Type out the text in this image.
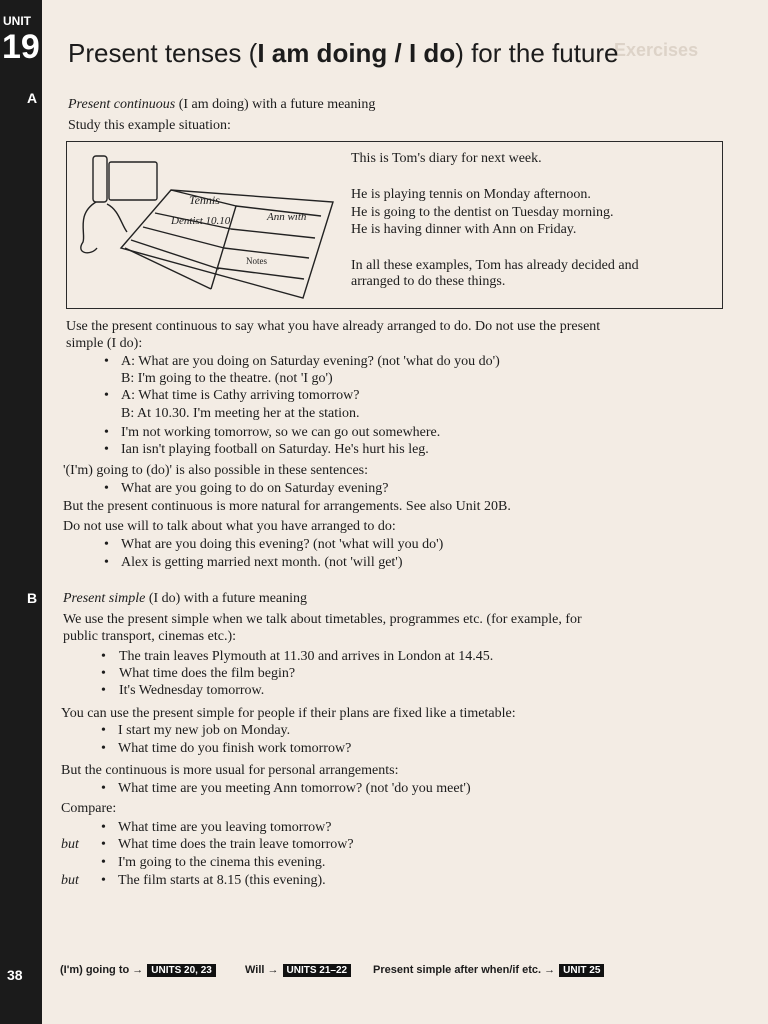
UNIT
19
A
B
38
Exercises
Present tenses (I am doing / I do) for the future
Present continuous (I am doing) with a future meaning
Study this example situation:
Tennis
Dentist 10.10	Ann with
Notes
This is Tom's diary for next week.
He is playing tennis on Monday afternoon.
He is going to the dentist on Tuesday morning.
He is having dinner with Ann on Friday.
In all these examples, Tom has already decided and
arranged to do these things.
Use the present continuous to say what you have already arranged to do. Do not use the present
simple (I do):
• A: What are you doing on Saturday evening? (not 'what do you do')
B: I'm going to the theatre. (not 'I go')
• A: What time is Cathy arriving tomorrow?
B: At 10.30. I'm meeting her at the station.
• I'm not working tomorrow, so we can go out somewhere.
• Ian isn't playing football on Saturday. He's hurt his leg.
'(I'm) going to (do)' is also possible in these sentences:
• What are you going to do on Saturday evening?
But the present continuous is more natural for arrangements. See also Unit 20B.
Do not use will to talk about what you have arranged to do:
• What are you doing this evening? (not 'what will you do')
• Alex is getting married next month. (not 'will get')
Present simple (I do) with a future meaning
We use the present simple when we talk about timetables, programmes etc. (for example, for
public transport, cinemas etc.):
• The train leaves Plymouth at 11.30 and arrives in London at 14.45.
• What time does the film begin?
• It's Wednesday tomorrow.
You can use the present simple for people if their plans are fixed like a timetable:
• I start my new job on Monday.
• What time do you finish work tomorrow?
But the continuous is more usual for personal arrangements:
• What time are you meeting Ann tomorrow? (not 'do you meet')
Compare:
• What time are you leaving tomorrow?
but • What time does the train leave tomorrow?
• I'm going to the cinema this evening.
but • The film starts at 8.15 (this evening).
(I'm) going to → UNITS 20, 23	Will → UNITS 21–22	Present simple after when/if etc. → UNIT 25
